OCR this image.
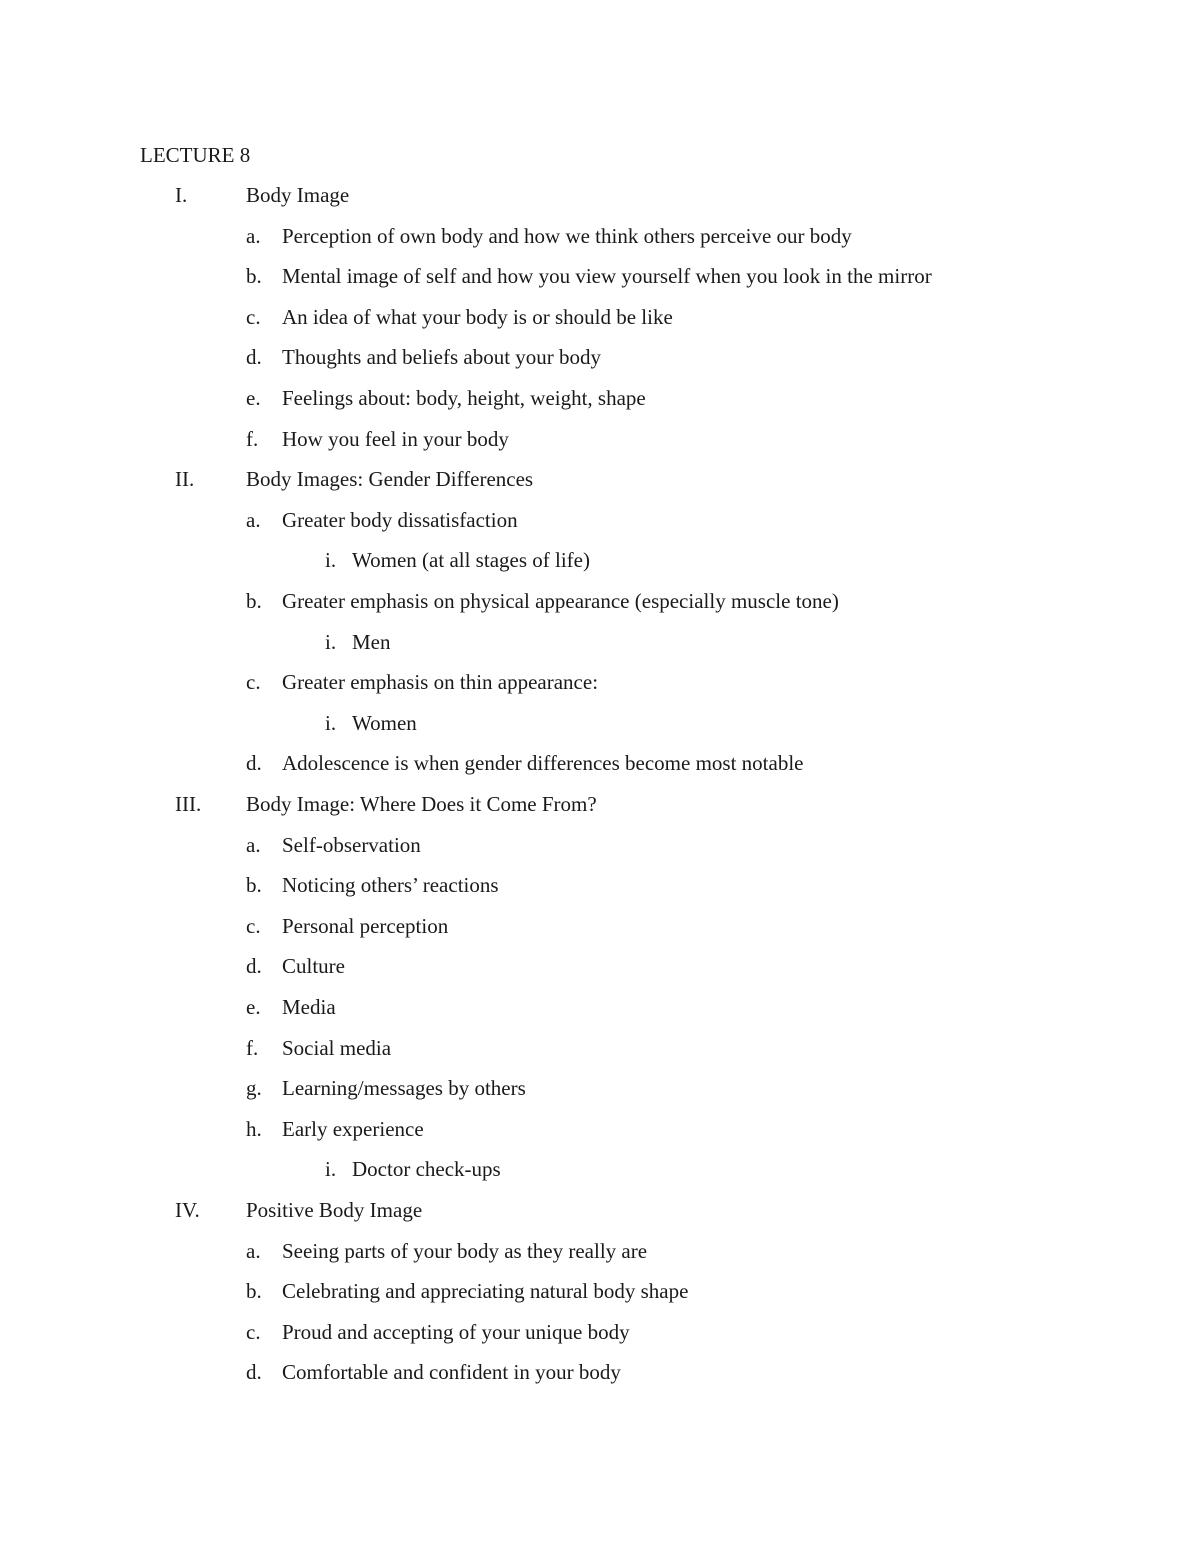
LECTURE 8
I.	Body Image
a. Perception of own body and how we think others perceive our body
b. Mental image of self and how you view yourself when you look in the mirror
c. An idea of what your body is or should be like
d. Thoughts and beliefs about your body
e. Feelings about: body, height, weight, shape
f. How you feel in your body
II. Body Images: Gender Differences
a. Greater body dissatisfaction
i. Women (at all stages of life)
b. Greater emphasis on physical appearance (especially muscle tone)
i. Men
c. Greater emphasis on thin appearance:
i. Women
d. Adolescence is when gender differences become most notable
III. Body Image: Where Does it Come From?
a. Self-observation
b. Noticing others’ reactions
c. Personal perception
d. Culture
e. Media
f. Social media
g. Learning/messages by others
h. Early experience
i. Doctor check-ups
IV. Positive Body Image
a. Seeing parts of your body as they really are
b. Celebrating and appreciating natural body shape
c. Proud and accepting of your unique body
d. Comfortable and confident in your body
